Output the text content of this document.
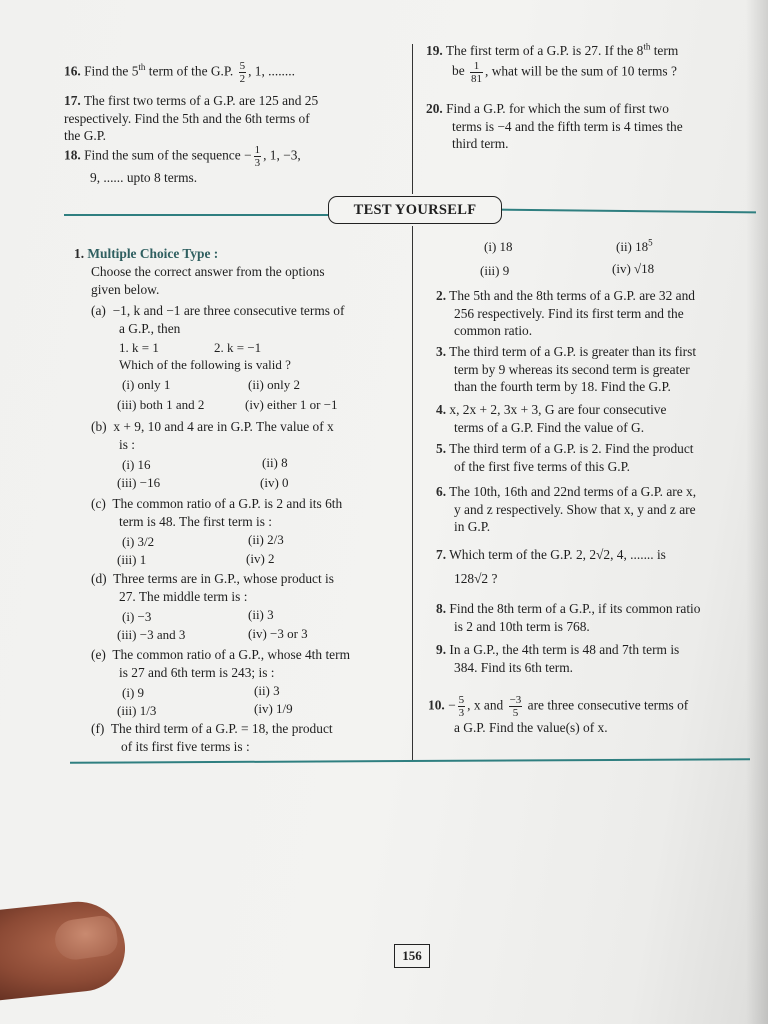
16. Find the 5th term of the G.P. $\frac{5}{2}$ , 1, ........
17. The first two terms of a G.P. are 125 and 25
respectively. Find the 5th and the 6th terms of
the G.P.
18. Find the sum of the sequence − $\frac{1}{3}$ , 1, −3,
9, ...... upto 8 terms.
19. The first term of a G.P. is 27. If the 8th term
be $\frac{1}{81}$ , what will be the sum of 10 terms ?
20. Find a G.P. for which the sum of first two
terms is −4 and the fifth term is 4 times the
third term.
TEST YOURSELF
1. Multiple Choice Type :
Choose the correct answer from the options
given below.
(a) −1, k and −1 are three consecutive terms of
a G.P., then
1. k = 1	2. k = −1
Which of the following is valid ?
(i) only 1	(ii) only 2
(iii) both 1 and 2	(iv) either 1 or −1
(b) x + 9, 10 and 4 are in G.P. The value of x
is :
(i) 16	(ii) 8
(iii) −16	(iv) 0
(c) The common ratio of a G.P. is 2 and its 6th
term is 48. The first term is :
(i) 3/2	(ii) 2/3
(iii) 1	(iv) 2
(d) Three terms are in G.P., whose product is
27. The middle term is :
(i) −3	(ii) 3
(iii) −3 and 3	(iv) −3 or 3
(e) The common ratio of a G.P., whose 4th term
is 27 and 6th term is 243; is :
(i) 9	(ii) 3
(iii) 1/3	(iv) 1/9
(f) The third term of a G.P. = 18, the product
of its first five terms is :
(i) 18	(ii) $18^5$
(iii) 9	(iv) √18
2. The 5th and the 8th terms of a G.P. are 32 and
256 respectively. Find its first term and the
common ratio.
3. The third term of a G.P. is greater than its first
term by 9 whereas its second term is greater
than the fourth term by 18. Find the G.P.
4. x, 2x + 2, 3x + 3, G are four consecutive
terms of a G.P. Find the value of G.
5. The third term of a G.P. is 2. Find the product
of the first five terms of this G.P.
6. The 10th, 16th and 22nd terms of a G.P. are x,
y and z respectively. Show that x, y and z are
in G.P.
7. Which term of the G.P. 2, 2√2, 4, ....... is
128√2 ?
8. Find the 8th term of a G.P., if its common ratio
is 2 and 10th term is 768.
9. In a G.P., the 4th term is 48 and 7th term is
384. Find its 6th term.
10. − $\frac{5}{3}$ , x and $\frac{-3}{5}$ are three consecutive terms of
a G.P. Find the value(s) of x.
156
